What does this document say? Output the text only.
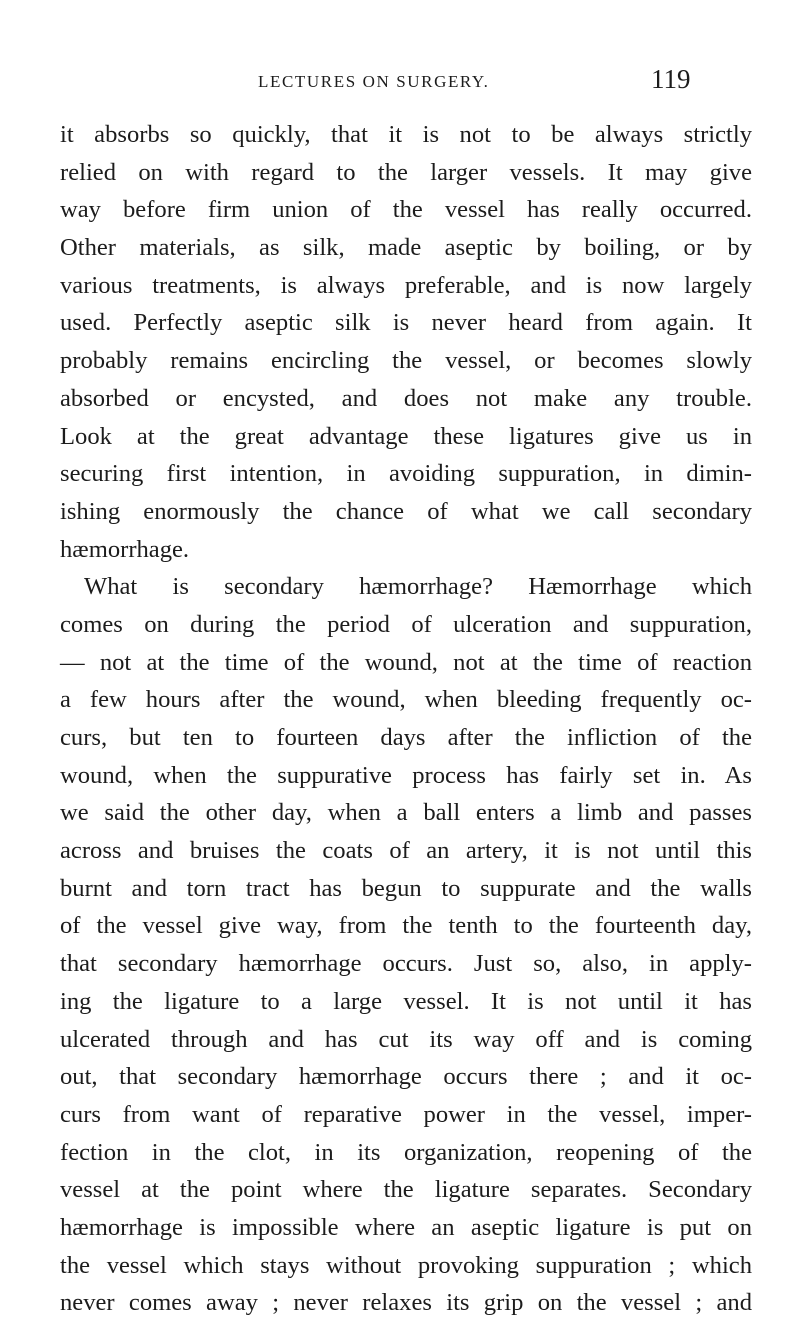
LECTURES ON SURGERY.	119
it absorbs so quickly, that it is not to be always strictly
relied on with regard to the larger vessels. It may give
way before firm union of the vessel has really occurred.
Other materials, as silk, made aseptic by boiling, or by
various treatments, is always preferable, and is now largely
used. Perfectly aseptic silk is never heard from again. It
probably remains encircling the vessel, or becomes slowly
absorbed or encysted, and does not make any trouble.
Look at the great advantage these ligatures give us in
securing first intention, in avoiding suppuration, in dimin-
ishing enormously the chance of what we call secondary
hæmorrhage.
What is secondary hæmorrhage? Hæmorrhage which
comes on during the period of ulceration and suppuration,
— not at the time of the wound, not at the time of reaction
a few hours after the wound, when bleeding frequently oc-
curs, but ten to fourteen days after the infliction of the
wound, when the suppurative process has fairly set in. As
we said the other day, when a ball enters a limb and passes
across and bruises the coats of an artery, it is not until this
burnt and torn tract has begun to suppurate and the walls
of the vessel give way, from the tenth to the fourteenth day,
that secondary hæmorrhage occurs. Just so, also, in apply-
ing the ligature to a large vessel. It is not until it has
ulcerated through and has cut its way off and is coming
out, that secondary hæmorrhage occurs there ; and it oc-
curs from want of reparative power in the vessel, imper-
fection in the clot, in its organization, reopening of the
vessel at the point where the ligature separates. Secondary
hæmorrhage is impossible where an aseptic ligature is put on
the vessel which stays without provoking suppuration ; which
never comes away ; never relaxes its grip on the vessel ; and
